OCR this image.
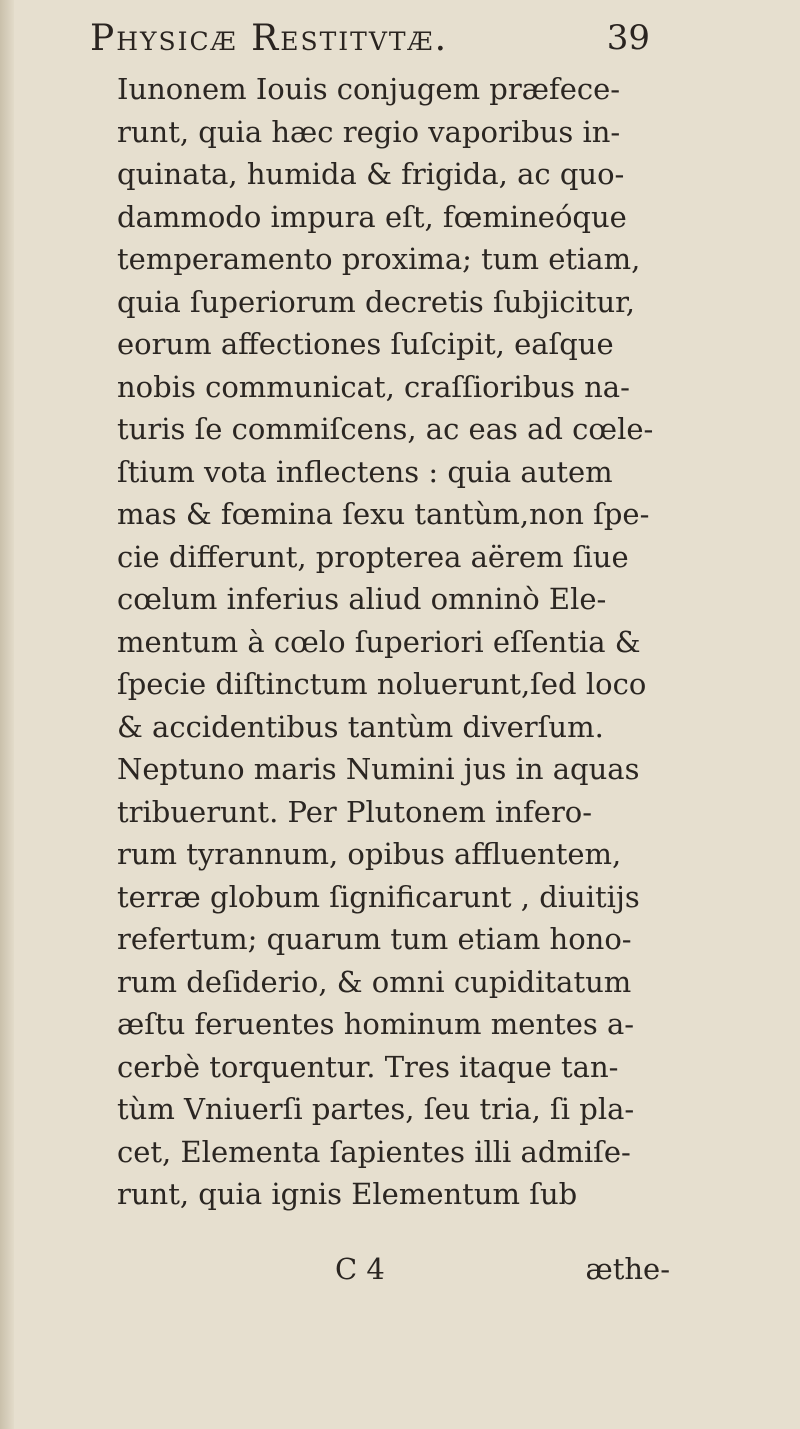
Physicæ Restitvtæ.	39
Iunonem Iouis conjugem præfece-
runt, quia hæc regio vaporibus in-
quinata, humida & frigida, ac quo-
dammodo impura eſt, fœmineóque
temperamento proxima; tum etiam,
quia ſuperiorum decretis ſubjicitur,
eorum affectiones ſuſcipit, eaſque
nobis communicat, craſſioribus na-
turis ſe commiſcens, ac eas ad cœle-
ſtium vota inflectens : quia autem
mas & fœmina ſexu tantùm,non ſpe-
cie differunt, propterea aërem ſiue
cœlum inferius aliud omninò Ele-
mentum à cœlo ſuperiori eſſentia &
ſpecie diſtinctum noluerunt,ſed loco
& accidentibus tantùm diverſum.
Neptuno maris Numini jus in aquas
tribuerunt. Per Plutonem infero-
rum tyrannum, opibus affluentem,
terræ globum ſignificarunt , diuitijs
refertum; quarum tum etiam hono-
rum deſiderio, & omni cupiditatum
æſtu feruentes hominum mentes a-
cerbè torquentur. Tres itaque tan-
tùm Vniuerſi partes, ſeu tria, ſi pla-
cet, Elementa ſapientes illi admiſe-
runt, quia ignis Elementum ſub
C 4	æthe-
